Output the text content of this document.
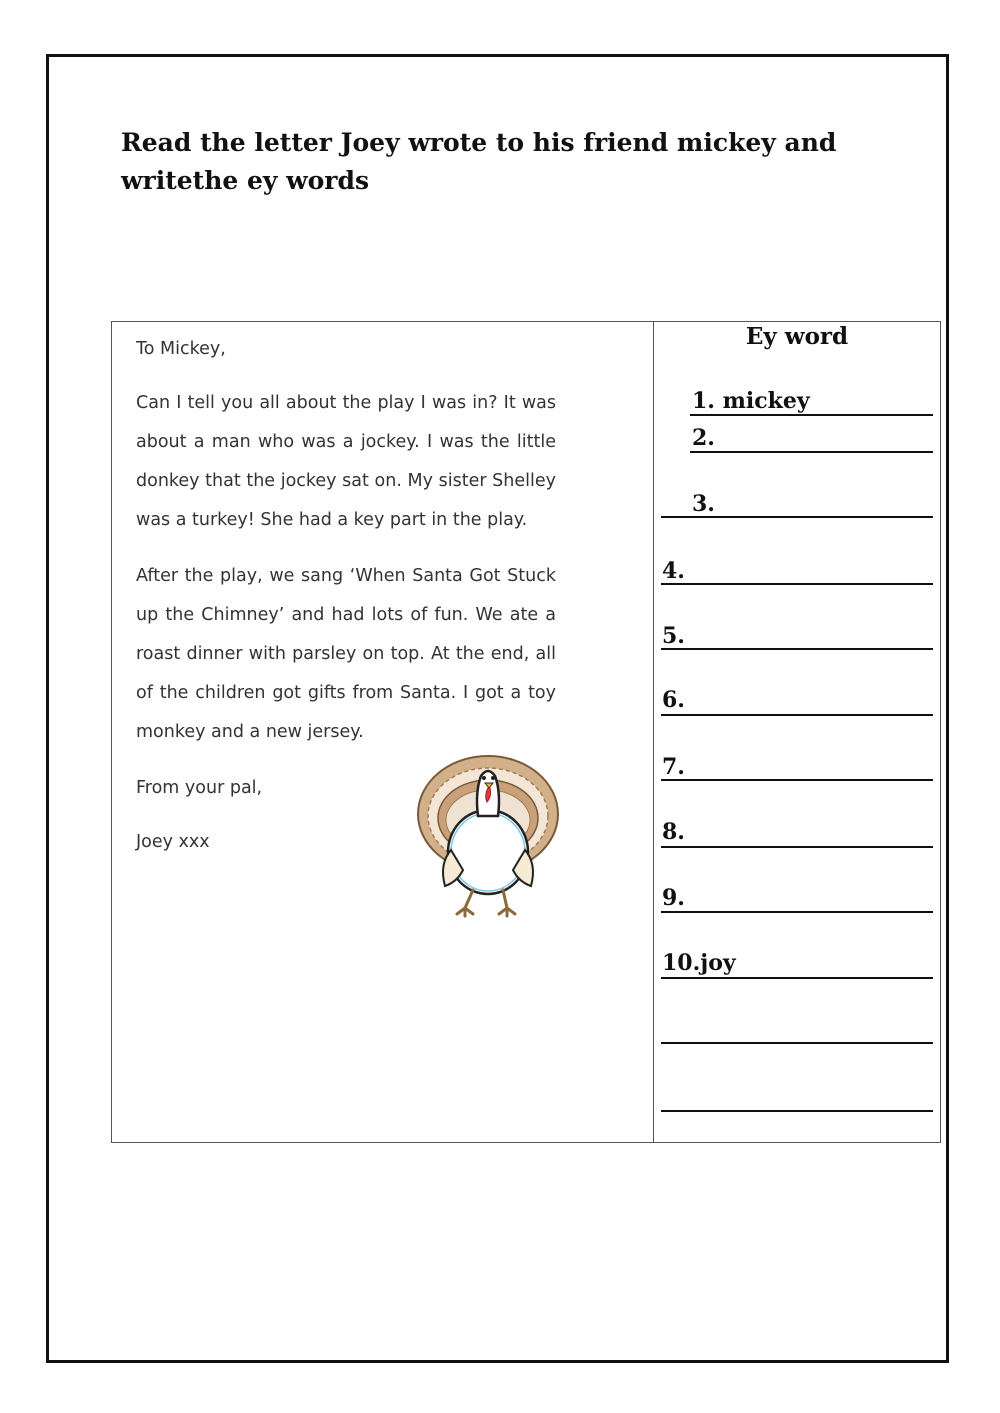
Read the letter Joey wrote to his friend mickey and writethe ey words

To Mickey,

Can I tell you all about the play I was in? It was about a man who was a jockey. I was the little donkey that the jockey sat on. My sister Shelley was a turkey! She had a key part in the play.

After the play, we sang ‘When Santa Got Stuck up the Chimney’ and had lots of fun. We ate a roast dinner with parsley on top. At the end, all of the children got gifts from Santa. I got a toy monkey and a new jersey.

From your pal,

Joey xxx

Ey word
1. mickey
2.
3.
4.
5.
6.
7.
8.
9.
10.joy
